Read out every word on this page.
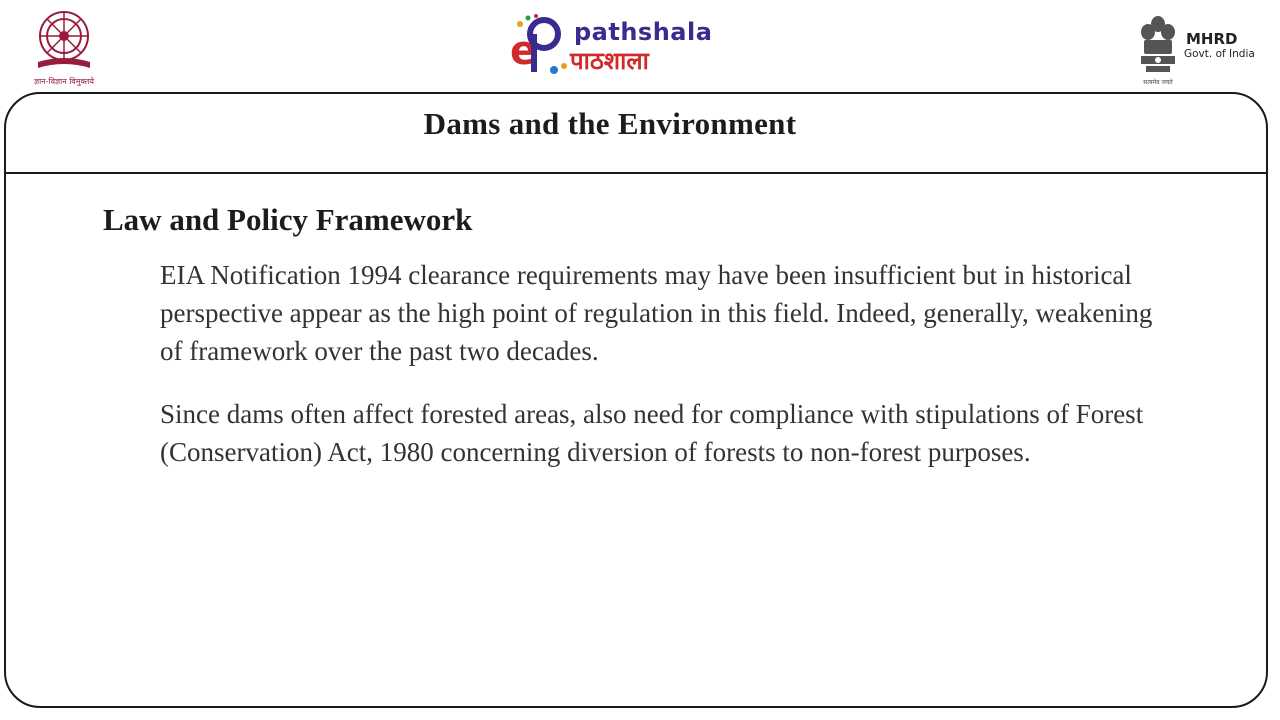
ज्ञान-विज्ञान विमुक्तये
e pathshala
पाठशाला
सत्यमेव जयते
MHRD
Govt. of India
Dams and the Environment
Law and Policy Framework
EIA Notification 1994 clearance requirements may have been insufficient but in historical perspective appear as the high point of regulation in this field. Indeed, generally, weakening of framework over the past two decades.
Since dams often affect forested areas, also need for compliance with stipulations of Forest (Conservation) Act, 1980 concerning diversion of forests to non-forest purposes.
